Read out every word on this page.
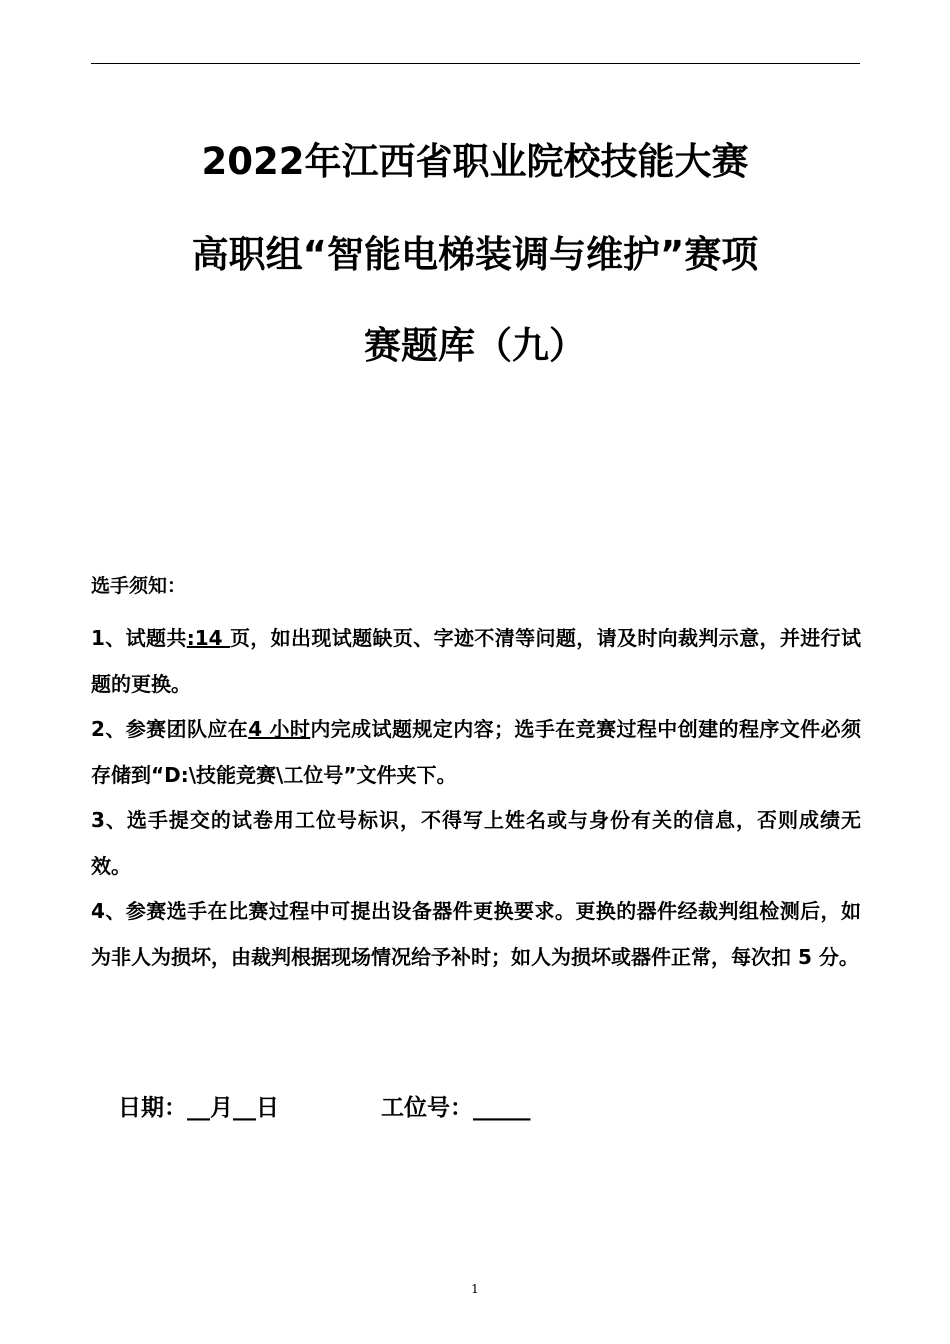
2022年江西省职业院校技能大赛
高职组“智能电梯装调与维护”赛项
赛题库（九）
选手须知：
1、试题共:14 页，如出现试题缺页、字迹不清等问题，请及时向裁判示意，并进行试题的更换。
2、参赛团队应在4 小时内完成试题规定内容；选手在竞赛过程中创建的程序文件必须存储到“D:\技能竞赛\工位号”文件夹下。
3、选手提交的试卷用工位号标识，不得写上姓名或与身份有关的信息，否则成绩无效。
4、参赛选手在比赛过程中可提出设备器件更换要求。更换的器件经裁判组检测后，如为非人为损坏，由裁判根据现场情况给予补时；如人为损坏或器件正常，每次扣 5 分。
日期：__月__日	工位号：_____
1
